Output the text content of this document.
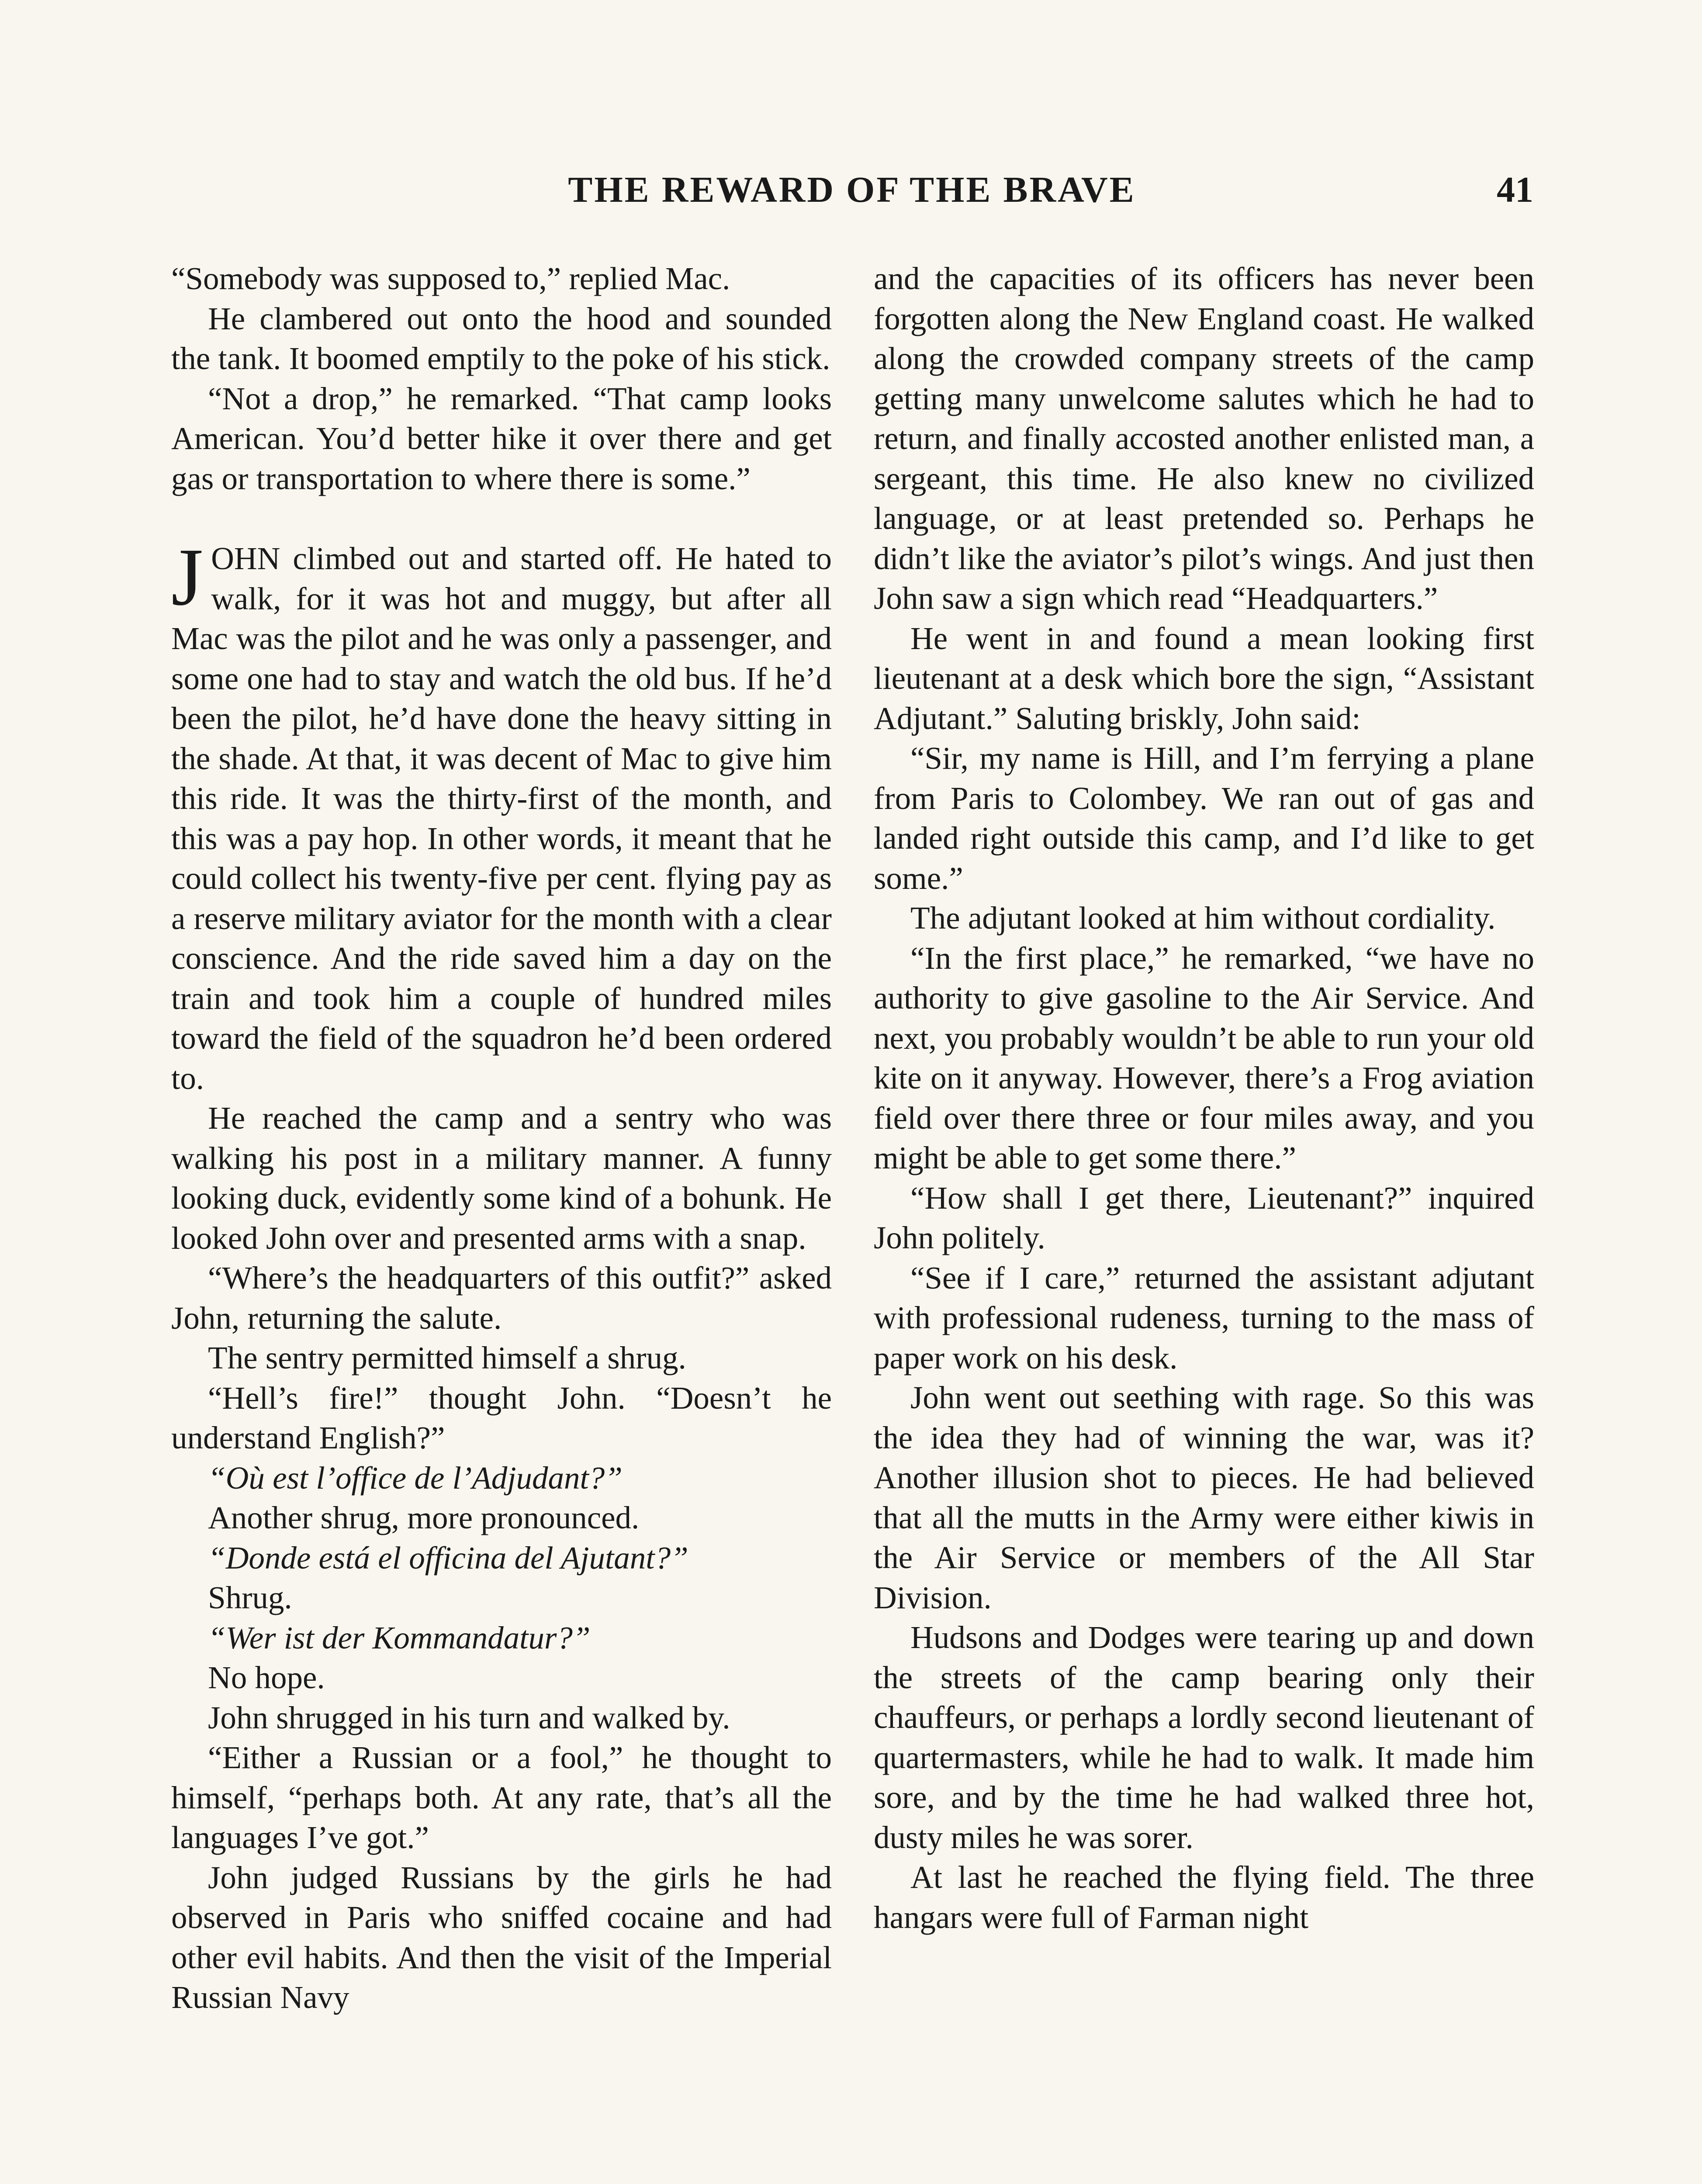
THE REWARD OF THE BRAVE	41

“Somebody was supposed to,” replied Mac.

He clambered out onto the hood and sounded the tank. It boomed emptily to the poke of his stick.

“Not a drop,” he remarked. “That camp looks American. You’d better hike it over there and get gas or transportation to where there is some.”

JOHN climbed out and started off. He hated to walk, for it was hot and muggy, but after all Mac was the pilot and he was only a passenger, and some one had to stay and watch the old bus. If he’d been the pilot, he’d have done the heavy sitting in the shade. At that, it was decent of Mac to give him this ride. It was the thirty-first of the month, and this was a pay hop. In other words, it meant that he could collect his twenty-five per cent. flying pay as a reserve military aviator for the month with a clear conscience. And the ride saved him a day on the train and took him a couple of hundred miles toward the field of the squadron he’d been ordered to.

He reached the camp and a sentry who was walking his post in a military manner. A funny looking duck, evidently some kind of a bohunk. He looked John over and presented arms with a snap.

“Where’s the headquarters of this outfit?” asked John, returning the salute.

The sentry permitted himself a shrug.

“Hell’s fire!” thought John. “Doesn’t he understand English?”

“Où est l’office de l’Adjudant?”

Another shrug, more pronounced.

“Donde está el officina del Ajutant?”

Shrug.

“Wer ist der Kommandatur?”

No hope.

John shrugged in his turn and walked by.

“Either a Russian or a fool,” he thought to himself, “perhaps both. At any rate, that’s all the languages I’ve got.”

John judged Russians by the girls he had observed in Paris who sniffed cocaine and had other evil habits. And then the visit of the Imperial Russian Navy

and the capacities of its officers has never been forgotten along the New England coast. He walked along the crowded company streets of the camp getting many unwelcome salutes which he had to return, and finally accosted another enlisted man, a sergeant, this time. He also knew no civilized language, or at least pretended so. Perhaps he didn’t like the aviator’s pilot’s wings. And just then John saw a sign which read “Headquarters.”

He went in and found a mean looking first lieutenant at a desk which bore the sign, “Assistant Adjutant.” Saluting briskly, John said:

“Sir, my name is Hill, and I’m ferrying a plane from Paris to Colombey. We ran out of gas and landed right outside this camp, and I’d like to get some.”

The adjutant looked at him without cordiality.

“In the first place,” he remarked, “we have no authority to give gasoline to the Air Service. And next, you probably wouldn’t be able to run your old kite on it anyway. However, there’s a Frog aviation field over there three or four miles away, and you might be able to get some there.”

“How shall I get there, Lieutenant?” inquired John politely.

“See if I care,” returned the assistant adjutant with professional rudeness, turning to the mass of paper work on his desk.

John went out seething with rage. So this was the idea they had of winning the war, was it? Another illusion shot to pieces. He had believed that all the mutts in the Army were either kiwis in the Air Service or members of the All Star Division.

Hudsons and Dodges were tearing up and down the streets of the camp bearing only their chauffeurs, or perhaps a lordly second lieutenant of quartermasters, while he had to walk. It made him sore, and by the time he had walked three hot, dusty miles he was sorer.

At last he reached the flying field. The three hangars were full of Farman night
